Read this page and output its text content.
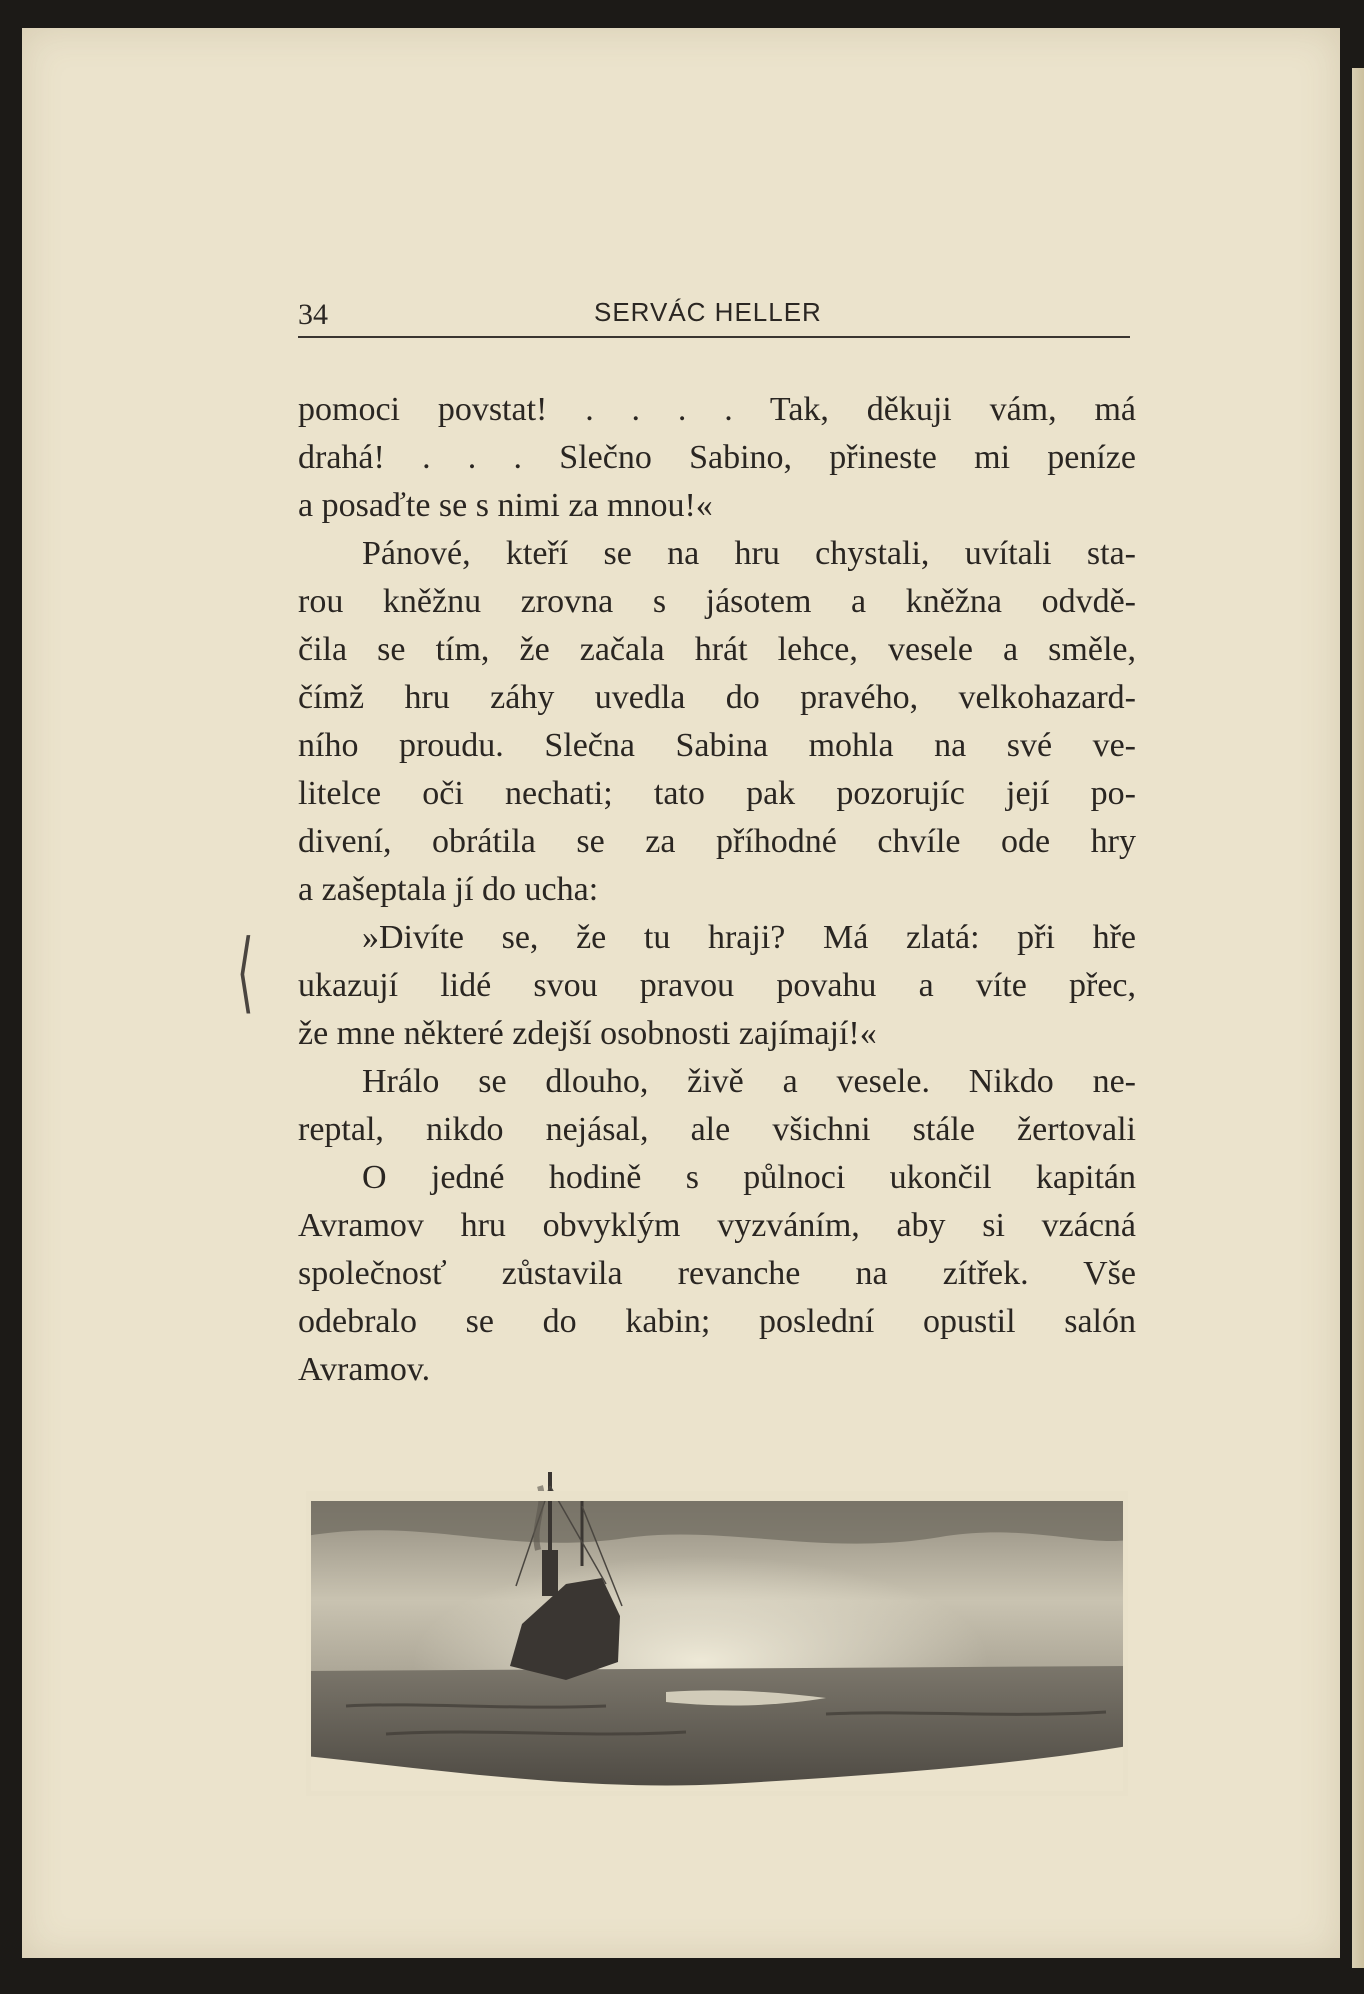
34	SERVÁC HELLER
⟨
pomoci povstat! . . . . Tak, děkuji vám, má
drahá! . . . Slečno Sabino, přineste mi peníze
a posaďte se s nimi za mnou!«
Pánové, kteří se na hru chystali, uvítali sta-
rou kněžnu zrovna s jásotem a kněžna odvdě-
čila se tím, že začala hrát lehce, vesele a směle,
čímž hru záhy uvedla do pravého, velkohazard-
ního proudu. Slečna Sabina mohla na své ve-
litelce oči nechati; tato pak pozorujíc její po-
divení, obrátila se za příhodné chvíle ode hry
a zašeptala jí do ucha:
»Divíte se, že tu hraji? Má zlatá: při hře
ukazují lidé svou pravou povahu a víte přec,
že mne některé zdejší osobnosti zajímají!«
Hrálo se dlouho, živě a vesele. Nikdo ne-
reptal, nikdo nejásal, ale všichni stále žertovali
O jedné hodině s půlnoci ukončil kapitán
Avramov hru obvyklým vyzváním, aby si vzácná
společnosť zůstavila revanche na zítřek. Vše
odebralo se do kabin; poslední opustil salón
Avramov.
